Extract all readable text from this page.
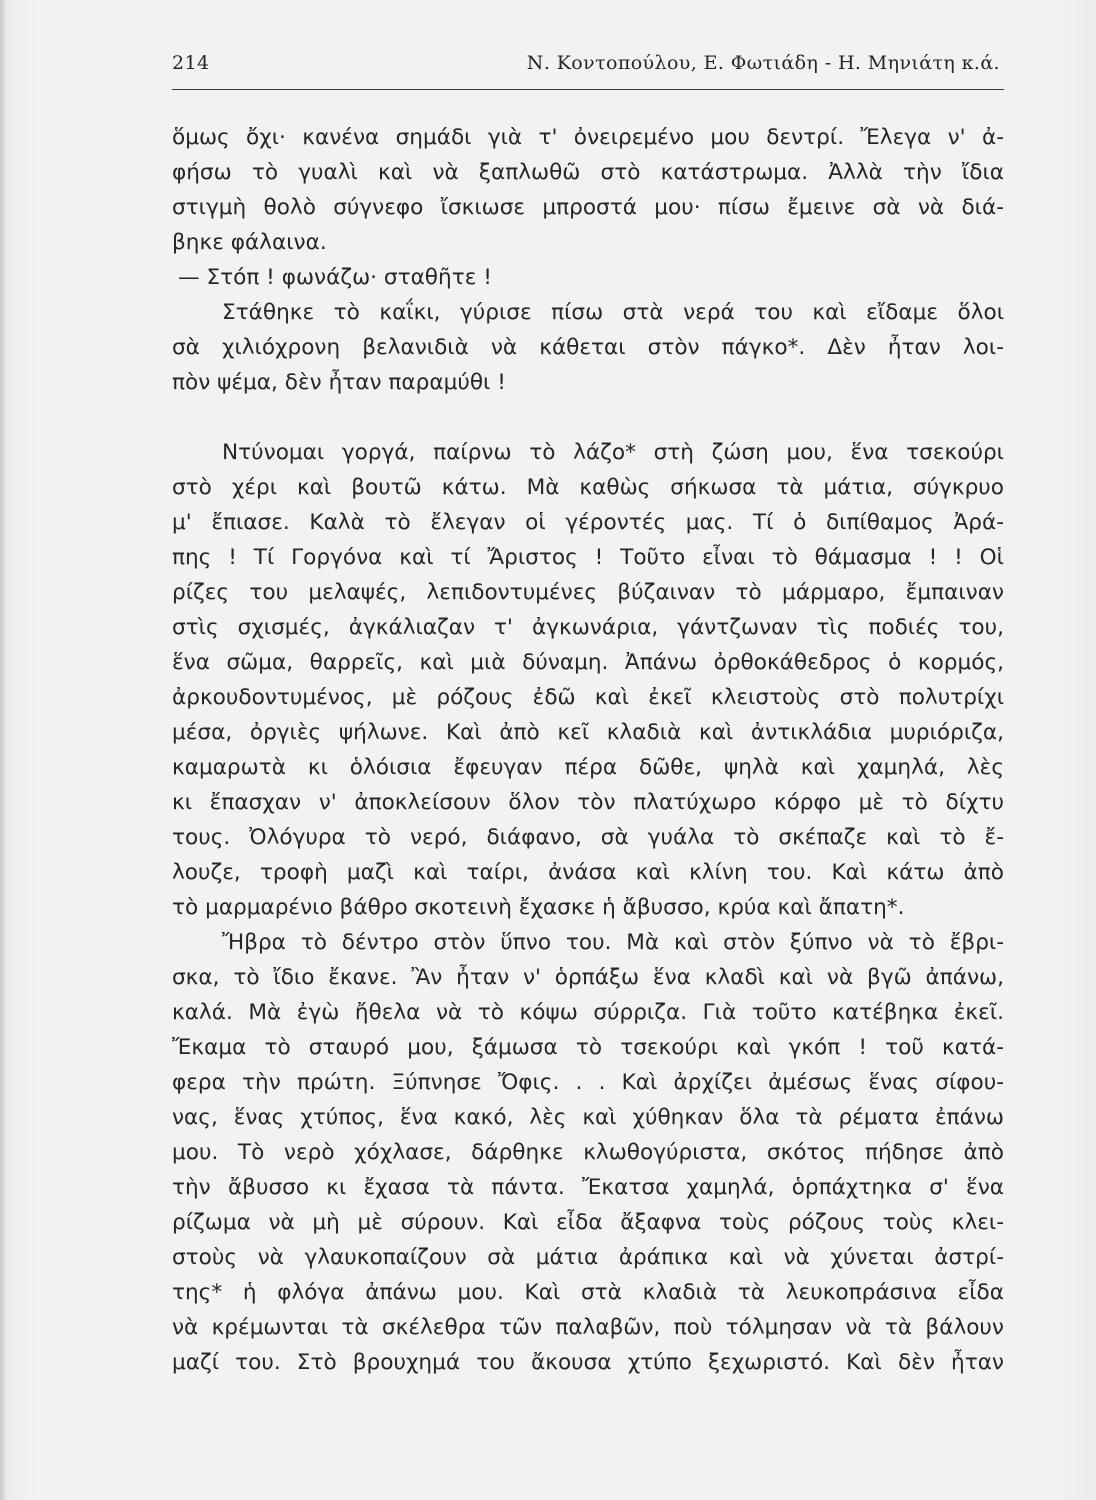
214	Ν. Κοντοπούλου, Ε. Φωτιάδη - Η. Μηνιάτη κ.ά.
ὅμως ὄχι· κανένα σημάδι γιὰ τ' ὀνειρεμένο μου δεντρί. Ἔλεγα ν' ἀ-
φήσω τὸ γυαλὶ καὶ νὰ ξαπλωθῶ στὸ κατάστρωμα. Ἀλλὰ τὴν ἴδια
στιγμὴ θολὸ σύγνεφο ἴσκιωσε μπροστά μου· πίσω ἔμεινε σὰ νὰ διά-
βηκε φάλαινα.
— Στόπ ! φωνάζω· σταθῆτε !
Στάθηκε τὸ καΐκι, γύρισε πίσω στὰ νερά του καὶ εἴδαμε ὅλοι
σὰ χιλιόχρονη βελανιδιὰ νὰ κάθεται στὸν πάγκο*. Δὲν ἦταν λοι-
πὸν ψέμα, δὲν ἦταν παραμύθι !
Ντύνομαι γοργά, παίρνω τὸ λάζο* στὴ ζώση μου, ἕνα τσεκούρι
στὸ χέρι καὶ βουτῶ κάτω. Μὰ καθὼς σήκωσα τὰ μάτια, σύγκρυο
μ' ἔπιασε. Καλὰ τὸ ἔλεγαν οἱ γέροντές μας. Τί ὁ διπίθαμος Ἀρά-
πης ! Τί Γοργόνα καὶ τί Ἄριστος ! Τοῦτο εἶναι τὸ θάμασμα ! ! Οἱ
ρίζες του μελαψές, λεπιδοντυμένες βύζαιναν τὸ μάρμαρο, ἔμπαιναν
στὶς σχισμές, ἀγκάλιαζαν τ' ἀγκωνάρια, γάντζωναν τὶς ποδιές του,
ἕνα σῶμα, θαρρεῖς, καὶ μιὰ δύναμη. Ἀπάνω ὀρθοκάθεδρος ὁ κορμός,
ἀρκουδοντυμένος, μὲ ρόζους ἐδῶ καὶ ἐκεῖ κλειστοὺς στὸ πολυτρίχι
μέσα, ὀργιὲς ψήλωνε. Καὶ ἀπὸ κεῖ κλαδιὰ καὶ ἀντικλάδια μυριόριζα,
καμαρωτὰ κι ὁλόισια ἔφευγαν πέρα δῶθε, ψηλὰ καὶ χαμηλά, λὲς
κι ἔπασχαν ν' ἀποκλείσουν ὅλον τὸν πλατύχωρο κόρφο μὲ τὸ δίχτυ
τους. Ὀλόγυρα τὸ νερό, διάφανο, σὰ γυάλα τὸ σκέπαζε καὶ τὸ ἔ-
λουζε, τροφὴ μαζὶ καὶ ταίρι, ἀνάσα καὶ κλίνη του. Καὶ κάτω ἀπὸ
τὸ μαρμαρένιο βάθρο σκοτεινὴ ἔχασκε ἡ ἄβυσσο, κρύα καὶ ἄπατη*.
Ἤβρα τὸ δέντρο στὸν ὕπνο του. Μὰ καὶ στὸν ξύπνο νὰ τὸ ἔβρι-
σκα, τὸ ἴδιο ἔκανε. Ἂν ἦταν ν' ὁρπάξω ἕνα κλαδὶ καὶ νὰ βγῶ ἀπάνω,
καλά. Μὰ ἐγὼ ἤθελα νὰ τὸ κόψω σύρριζα. Γιὰ τοῦτο κατέβηκα ἐκεῖ.
Ἔκαμα τὸ σταυρό μου, ξάμωσα τὸ τσεκούρι καὶ γκόπ ! τοῦ κατά-
φερα τὴν πρώτη. Ξύπνησε Ὄφις. . . Καὶ ἀρχίζει ἀμέσως ἕνας σίφου-
νας, ἕνας χτύπος, ἕνα κακό, λὲς καὶ χύθηκαν ὅλα τὰ ρέματα ἐπάνω
μου. Τὸ νερὸ χόχλασε, δάρθηκε κλωθογύριστα, σκότος πήδησε ἀπὸ
τὴν ἄβυσσο κι ἔχασα τὰ πάντα. Ἔκατσα χαμηλά, ὁρπάχτηκα σ' ἕνα
ρίζωμα νὰ μὴ μὲ σύρουν. Καὶ εἶδα ἄξαφνα τοὺς ρόζους τοὺς κλει-
στοὺς νὰ γλαυκοπαίζουν σὰ μάτια ἀράπικα καὶ νὰ χύνεται ἀστρί-
της* ἡ φλόγα ἀπάνω μου. Καὶ στὰ κλαδιὰ τὰ λευκοπράσινα εἶδα
νὰ κρέμωνται τὰ σκέλεθρα τῶν παλαβῶν, ποὺ τόλμησαν νὰ τὰ βάλουν
μαζί του. Στὸ βρουχημά του ἄκουσα χτύπο ξεχωριστό. Καὶ δὲν ἦταν
